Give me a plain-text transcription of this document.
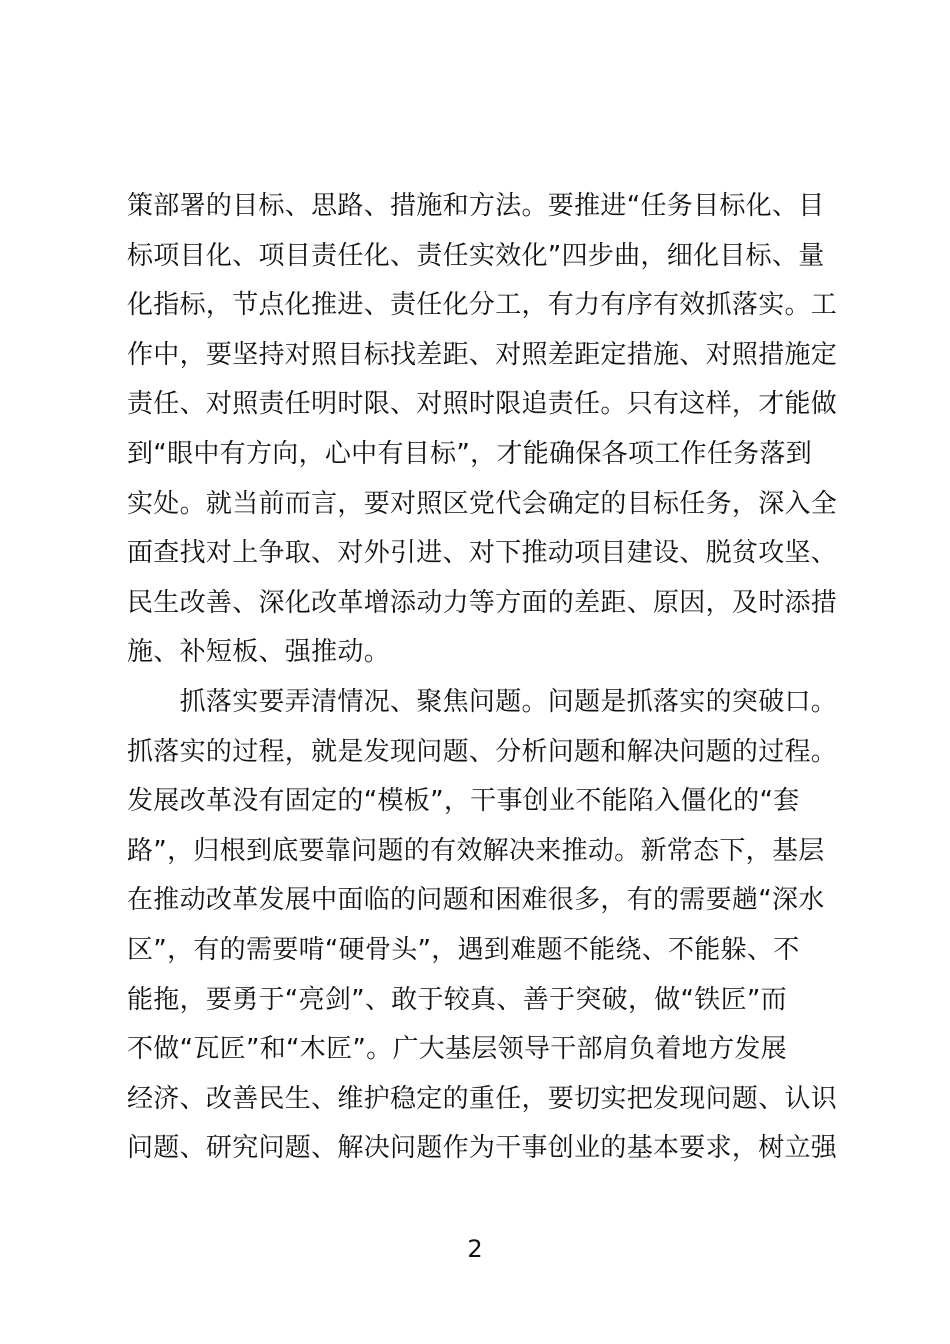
策部署的目标、思路、措施和方法。要推进“任务目标化、目
标项目化、项目责任化、责任实效化”四步曲，细化目标、量
化指标，节点化推进、责任化分工，有力有序有效抓落实。工
作中，要坚持对照目标找差距、对照差距定措施、对照措施定
责任、对照责任明时限、对照时限追责任。只有这样，才能做
到“眼中有方向，心中有目标”，才能确保各项工作任务落到
实处。就当前而言，要对照区党代会确定的目标任务，深入全
面查找对上争取、对外引进、对下推动项目建设、脱贫攻坚、
民生改善、深化改革增添动力等方面的差距、原因，及时添措
施、补短板、强推动。
　　抓落实要弄清情况、聚焦问题。问题是抓落实的突破口。
抓落实的过程，就是发现问题、分析问题和解决问题的过程。
发展改革没有固定的“模板”，干事创业不能陷入僵化的“套
路”，归根到底要靠问题的有效解决来推动。新常态下，基层
在推动改革发展中面临的问题和困难很多，有的需要趟“深水
区”，有的需要啃“硬骨头”，遇到难题不能绕、不能躲、不
能拖，要勇于“亮剑”、敢于较真、善于突破，做“铁匠”而
不做“瓦匠”和“木匠”。广大基层领导干部肩负着地方发展
经济、改善民生、维护稳定的重任，要切实把发现问题、认识
问题、研究问题、解决问题作为干事创业的基本要求，树立强
2
